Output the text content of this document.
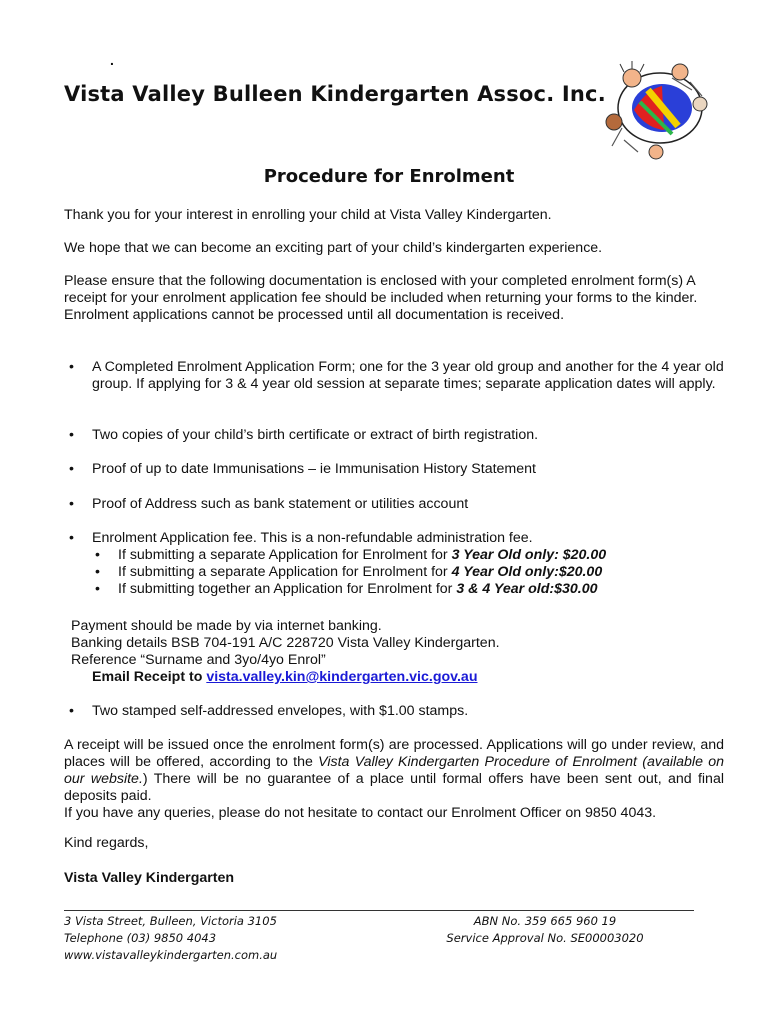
.
Vista Valley Bulleen Kindergarten Assoc. Inc.
Procedure for Enrolment

Thank you for your interest in enrolling your child at Vista Valley Kindergarten.

We hope that we can become an exciting part of your child’s kindergarten experience.

Please ensure that the following documentation is enclosed with your completed enrolment form(s) A receipt for your enrolment application fee should be included when returning your forms to the kinder. Enrolment applications cannot be processed until all documentation is received.

• A Completed Enrolment Application Form; one for the 3 year old group and another for the 4 year old group. If applying for 3 & 4 year old session at separate times; separate application dates will apply.
• Two copies of your child’s birth certificate or extract of birth registration.
• Proof of up to date Immunisations – ie Immunisation History Statement
• Proof of Address such as bank statement or utilities account
• Enrolment Application fee. This is a non-refundable administration fee.
• If submitting a separate Application for Enrolment for 3 Year Old only: $20.00
• If submitting a separate Application for Enrolment for 4 Year Old only:$20.00
• If submitting together an Application for Enrolment for 3 & 4 Year old:$30.00
Payment should be made by via internet banking.
Banking details BSB 704-191 A/C 228720 Vista Valley Kindergarten.
Reference “Surname and 3yo/4yo Enrol”
Email Receipt to vista.valley.kin@kindergarten.vic.gov.au
• Two stamped self-addressed envelopes, with $1.00 stamps.

A receipt will be issued once the enrolment form(s) are processed. Applications will go under review, and places will be offered, according to the Vista Valley Kindergarten Procedure of Enrolment (available on our website.) There will be no guarantee of a place until formal offers have been sent out, and final deposits paid.
If you have any queries, please do not hesitate to contact our Enrolment Officer on 9850 4043.

Kind regards,

Vista Valley Kindergarten

3 Vista Street, Bulleen, Victoria 3105
Telephone (03) 9850 4043
www.vistavalleykindergarten.com.au
ABN No. 359 665 960 19
Service Approval No. SE00003020
